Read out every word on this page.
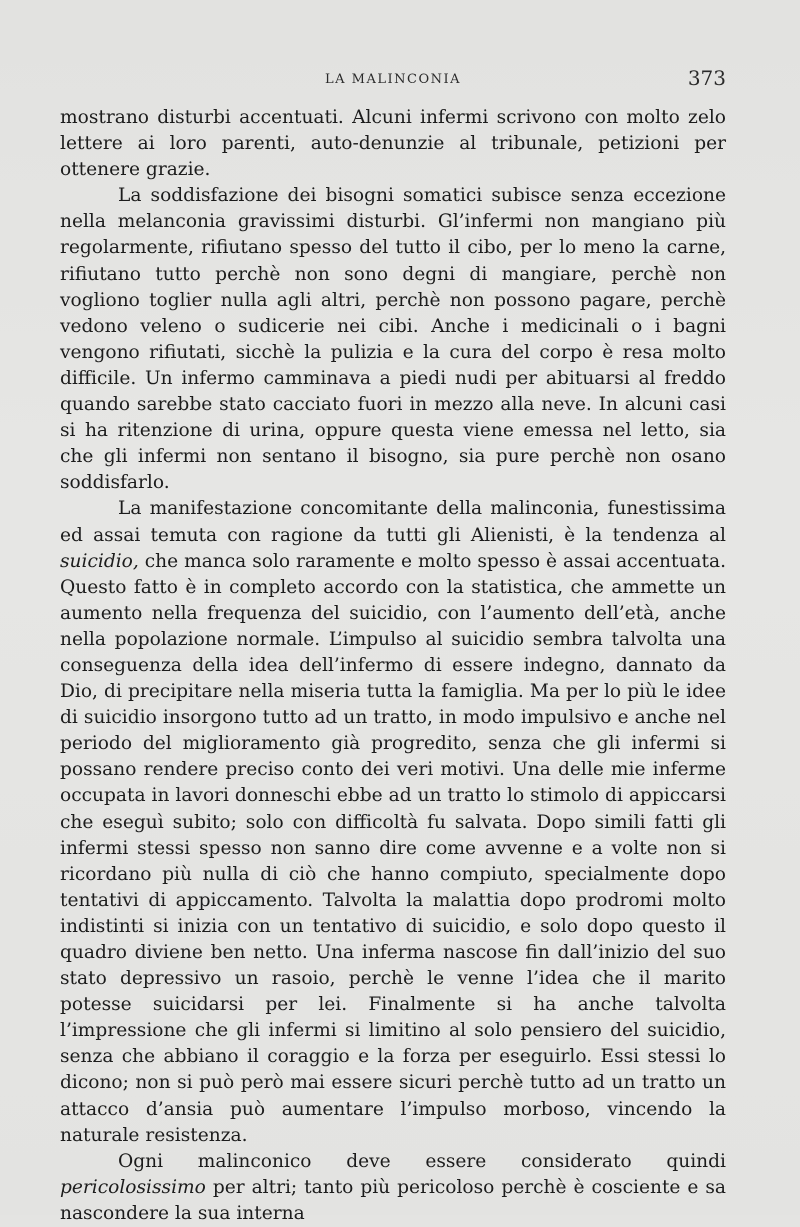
LA MALINCONIA	373

mostrano disturbi accentuati. Alcuni infermi scrivono con molto zelo lettere ai loro parenti, auto-denunzie al tribunale, petizioni per ottenere grazie.

La soddisfazione dei bisogni somatici subisce senza eccezione nella melanconia gravissimi disturbi. Gl’infermi non mangiano più regolarmente, rifiutano spesso del tutto il cibo, per lo meno la carne, rifiutano tutto perchè non sono degni di mangiare, perchè non vogliono toglier nulla agli altri, perchè non possono pagare, perchè vedono veleno o sudicerie nei cibi. Anche i medicinali o i bagni vengono rifiutati, sicchè la pulizia e la cura del corpo è resa molto difficile. Un infermo camminava a piedi nudi per abituarsi al freddo quando sarebbe stato cacciato fuori in mezzo alla neve. In alcuni casi si ha ritenzione di urina, oppure questa viene emessa nel letto, sia che gli infermi non sentano il bisogno, sia pure perchè non osano soddisfarlo.

La manifestazione concomitante della malinconia, funestissima ed assai temuta con ragione da tutti gli Alienisti, è la tendenza al suicidio, che manca solo raramente e molto spesso è assai accentuata. Questo fatto è in completo accordo con la statistica, che ammette un aumento nella frequenza del suicidio, con l’aumento dell’età, anche nella popolazione normale. L’impulso al suicidio sembra talvolta una conseguenza della idea dell’infermo di essere indegno, dannato da Dio, di precipitare nella miseria tutta la famiglia. Ma per lo più le idee di suicidio insorgono tutto ad un tratto, in modo impulsivo e anche nel periodo del miglioramento già progredito, senza che gli infermi si possano rendere preciso conto dei veri motivi. Una delle mie inferme occupata in lavori donneschi ebbe ad un tratto lo stimolo di appiccarsi che eseguì subito; solo con difficoltà fu salvata. Dopo simili fatti gli infermi stessi spesso non sanno dire come avvenne e a volte non si ricordano più nulla di ciò che hanno compiuto, specialmente dopo tentativi di appiccamento. Talvolta la malattia dopo prodromi molto indistinti si inizia con un tentativo di suicidio, e solo dopo questo il quadro diviene ben netto. Una inferma nascose fin dall’inizio del suo stato depressivo un rasoio, perchè le venne l’idea che il marito potesse suicidarsi per lei. Finalmente si ha anche talvolta l’impressione che gli infermi si limitino al solo pensiero del suicidio, senza che abbiano il coraggio e la forza per eseguirlo. Essi stessi lo dicono; non si può però mai essere sicuri perchè tutto ad un tratto un attacco d’ansia può aumentare l’impulso morboso, vincendo la naturale resistenza.

Ogni malinconico deve essere considerato quindi pericolosissimo per altri; tanto più pericoloso perchè è cosciente e sa nascondere la sua interna
